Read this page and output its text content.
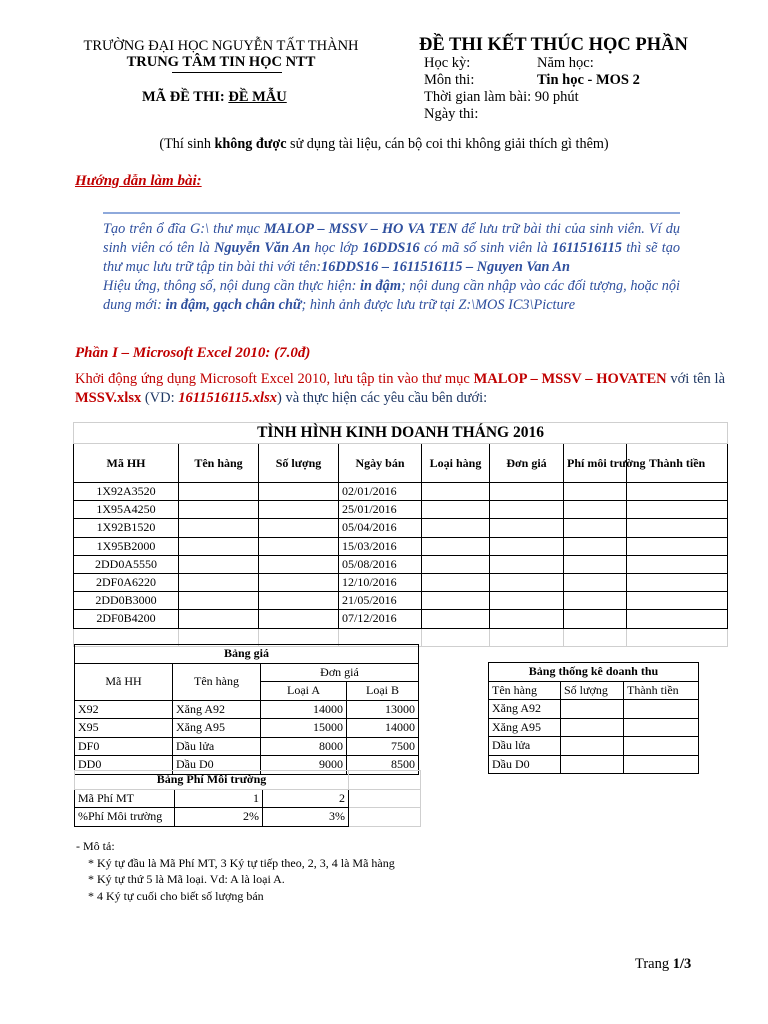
TRƯỜNG ĐẠI HỌC NGUYỄN TẤT THÀNH
TRUNG TÂM TIN HỌC NTT
MÃ ĐỀ THI: ĐỀ MẪU
ĐỀ THI KẾT THÚC HỌC PHẦN
Học kỳ:	Năm học:
Môn thi:	Tin học - MOS 2
Thời gian làm bài: 90 phút
Ngày thi:
(Thí sinh không được sử dụng tài liệu, cán bộ coi thi không giải thích gì thêm)
Hướng dẫn làm bài:
Tạo trên ổ đĩa G:\ thư mục MALOP – MSSV – HO VA TEN để lưu trữ bài thi của sinh viên. Ví dụ sinh viên có tên là Nguyễn Văn An học lớp 16DDS16 có mã số sinh viên là 1611516115 thì sẽ tạo thư mục lưu trữ tập tin bài thi với tên:16DDS16 – 1611516115 – Nguyen Van An
Hiệu ứng, thông số, nội dung cần thực hiện: in đậm; nội dung cần nhập vào các đối tượng, hoặc nội dung mới: in đậm, gạch chân chữ; hình ảnh được lưu trữ tại Z:\MOS IC3\Picture
Phần I – Microsoft Excel 2010: (7.0đ)
Khởi động ứng dụng Microsoft Excel 2010, lưu tập tin vào thư mục MALOP – MSSV – HOVATEN với tên là MSSV.xlsx (VD: 1611516115.xlsx) và thực hiện các yêu cầu bên dưới:
TÌNH HÌNH KINH DOANH THÁNG 2016							
Mã HH	Tên hàng	Số lượng	Ngày bán	Loại hàng	Đơn giá	Phí môi trường	Thành tiền
1X92A3520			02/01/2016				
1X95A4250			25/01/2016				
1X92B1520			05/04/2016				
1X95B2000			15/03/2016				
2DD0A5550			05/08/2016				
2DF0A6220			12/10/2016				
2DD0B3000			21/05/2016				
2DF0B4200			07/12/2016				

Bảng giá			
Mã HH	Tên hàng	Đơn giá	
		Loại A	Loại B
X92	Xăng A92	14000	13000
X95	Xăng A95	15000	14000
DF0	Dầu lửa	8000	7500
DD0	Dầu D0	9000	8500
Bảng thống kê doanh thu		
Tên hàng	Số lượng	Thành tiền
Xăng A92		
Xăng A95		
Dầu lửa		
Dầu D0		
Bảng Phí Môi trường			
Mã Phí MT	1	2	
%Phí Môi trường	2%	3%	
- Mô tả:
* Ký tự đầu là Mã Phí MT, 3 Ký tự tiếp theo, 2, 3, 4 là Mã hàng
* Ký tự thứ 5 là Mã loại. Vd: A là loại A.
* 4 Ký tự cuối cho biết số lượng bán
Trang 1/3
